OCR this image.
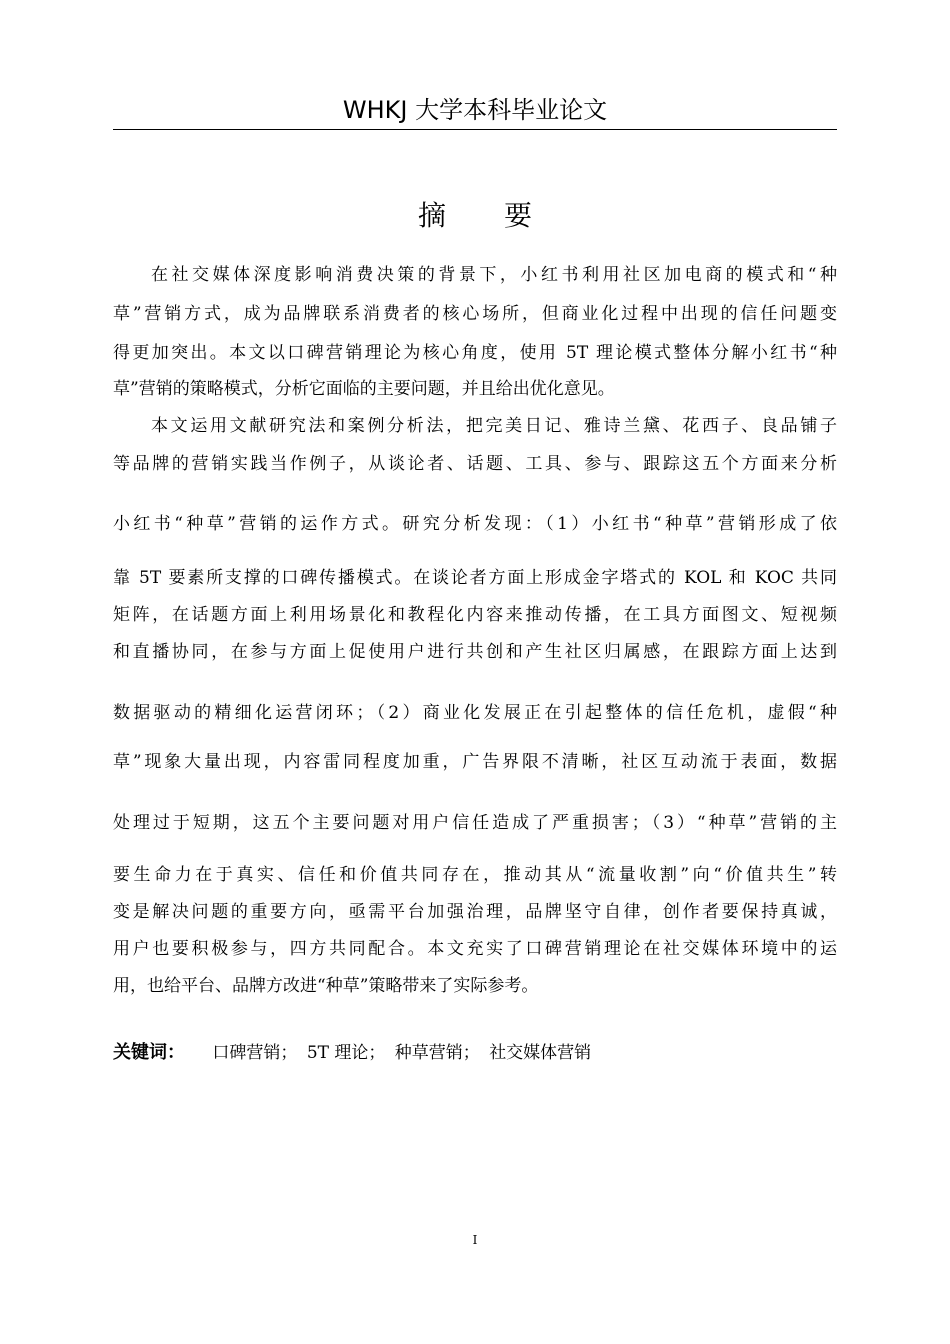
WHKJ 大学本科毕业论文
摘要
在社交媒体深度影响消费决策的背景下，小红书利用社区加电商的模式和“种
草”营销方式，成为品牌联系消费者的核心场所，但商业化过程中出现的信任问题变
得更加突出。本文以口碑营销理论为核心角度，使用 5T 理论模式整体分解小红书“种
草”营销的策略模式，分析它面临的主要问题，并且给出优化意见。
本文运用文献研究法和案例分析法，把完美日记、雅诗兰黛、花西子、良品铺子
等品牌的营销实践当作例子，从谈论者、话题、工具、参与、跟踪这五个方面来分析
小红书“种草”营销的运作方式。研究分析发现：（1）小红书“种草”营销形成了依
靠 5T 要素所支撑的口碑传播模式。在谈论者方面上形成金字塔式的 KOL 和 KOC 共同
矩阵，在话题方面上利用场景化和教程化内容来推动传播，在工具方面图文、短视频
和直播协同，在参与方面上促使用户进行共创和产生社区归属感，在跟踪方面上达到
数据驱动的精细化运营闭环；（2）商业化发展正在引起整体的信任危机，虚假“种
草”现象大量出现，内容雷同程度加重，广告界限不清晰，社区互动流于表面，数据
处理过于短期，这五个主要问题对用户信任造成了严重损害；（3）“种草”营销的主
要生命力在于真实、信任和价值共同存在，推动其从“流量收割”向“价值共生”转
变是解决问题的重要方向，亟需平台加强治理，品牌坚守自律，创作者要保持真诚，
用户也要积极参与，四方共同配合。本文充实了口碑营销理论在社交媒体环境中的运
用，也给平台、品牌方改进“种草”策略带来了实际参考。
关键词： 口碑营销； 5T 理论； 种草营销； 社交媒体营销
I
